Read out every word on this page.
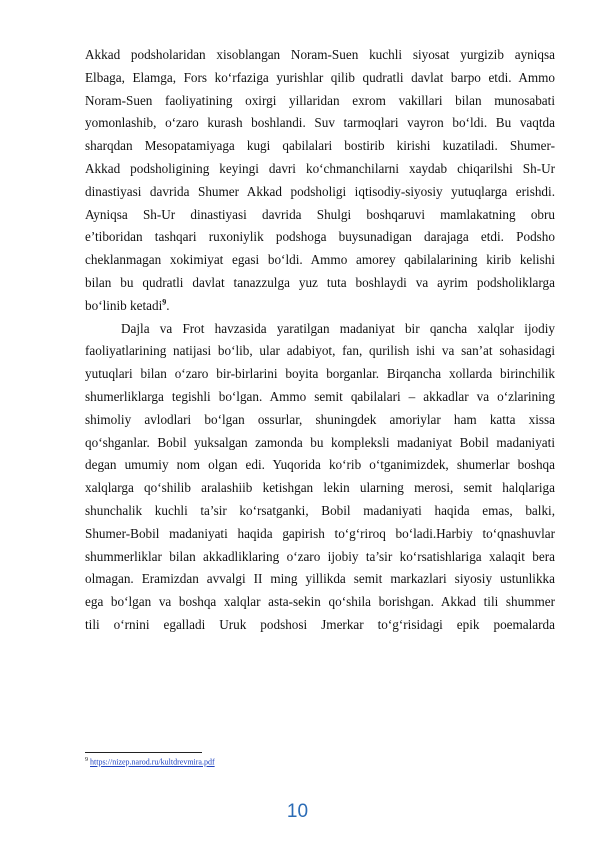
Akkad podsholaridan xisoblangan Noram-Suen kuchli siyosat yurgizib ayniqsa
Elbaga, Elamga, Fors ko‘rfaziga yurishlar qilib qudratli davlat barpo etdi. Ammo
Noram-Suen faoliyatining oxirgi yillaridan exrom vakillari bilan munosabati
yomonlashib, o‘zaro kurash boshlandi. Suv tarmoqlari vayron bo‘ldi. Bu vaqtda
sharqdan Mesopatamiyaga kugi qabilalari bostirib kirishi kuzatiladi. Shumer-
Akkad podsholigining keyingi davri ko‘chmanchilarni xaydab chiqarilshi Sh-Ur
dinastiyasi davrida Shumer Akkad podsholigi iqtisodiy-siyosiy yutuqlarga erishdi.
Ayniqsa Sh-Ur dinastiyasi davrida Shulgi boshqaruvi mamlakatning obru
e’tiboridan tashqari ruxoniylik podshoga buysunadigan darajaga etdi. Podsho
cheklanmagan xokimiyat egasi bo‘ldi. Ammo amorey qabilalarining kirib kelishi
bilan bu qudratli davlat tanazzulga yuz tuta boshlaydi va ayrim podsholiklarga
bo‘linib ketadi$^9$.

Dajla va Frot havzasida yaratilgan madaniyat bir qancha xalqlar ijodiy
faoliyatlarining natijasi bo‘lib, ular adabiyot, fan, qurilish ishi va san’at sohasidagi
yutuqlari bilan o‘zaro bir-birlarini boyita borganlar. Birqancha xollarda birinchilik
shumerliklarga tegishli bo‘lgan. Ammo semit qabilalari – akkadlar va o‘zlarining
shimoliy avlodlari bo‘lgan ossurlar, shuningdek amoriylar ham katta xissa
qo‘shganlar. Bobil yuksalgan zamonda bu kompleksli madaniyat Bobil madaniyati
degan umumiy nom olgan edi. Yuqorida ko‘rib o‘tganimizdek, shumerlar boshqa
xalqlarga qo‘shilib aralashiib ketishgan lekin ularning merosi, semit halqlariga
shunchalik kuchli ta’sir ko‘rsatganki, Bobil madaniyati haqida emas, balki,
Shumer-Bobil madaniyati haqida gapirish to‘g‘riroq bo‘ladi.Harbiy to‘qnashuvlar
shummerliklar bilan akkadliklaring o‘zaro ijobiy ta’sir ko‘rsatishlariga xalaqit bera
olmagan. Eramizdan avvalgi II ming yillikda semit markazlari siyosiy ustunlikka
ega bo‘lgan va boshqa xalqlar asta-sekin qo‘shila borishgan. Akkad tili shummer
tili o‘rnini egalladi Uruk podshosi Jmerkar to‘g‘risidagi epik poemalarda

$^9$ https://nizep.narod.ru/kultdrevmira.pdf
10
